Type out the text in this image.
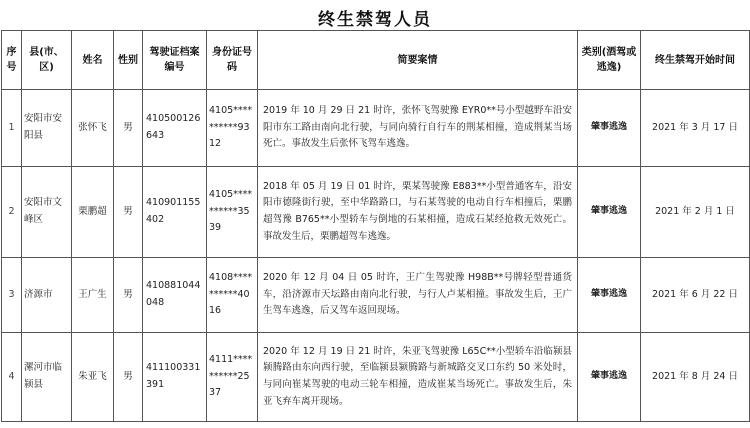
终生禁驾人员
序号	县(市、区)	姓名	性别	驾驶证档案编号	身份证号码	简要案情	类别(酒驾或逃逸)	终生禁驾开始时间
1	安阳市安阳县	张怀飞	男	410500126643	4105**********9312	2019 年 10 月 29 日 21 时许，张怀飞驾驶豫 EYR0**号小型越野车沿安阳市东工路由南向北行驶，与同向骑行自行车的荆某相撞，造成荆某当场死亡。事故发生后张怀飞驾车逃逸。	肇事逃逸	2021 年 3 月 17 日
2	安阳市文峰区	栗鹏超	男	410901155402	4105**********3539	2018 年 05 月 19 日 01 时许，栗某驾驶豫 E883**小型普通客车，沿安阳市德隆街行驶，至中华路路口，与石某驾驶的电动自行车相撞后，栗鹏超驾豫 B765**小型轿车与倒地的石某相撞，造成石某经抢救无效死亡。事故发生后，栗鹏超驾车逃逸。	肇事逃逸	2021 年 2 月 1 日
3	济源市	王广生	男	410881044048	4108**********4016	2020 年 12 月 04 日 05 时许，王广生驾驶豫 H98B**号牌轻型普通货车，沿济源市天坛路由南向北行驶，与行人卢某相撞。事故发生后，王广生驾车逃逸，后又驾车返回现场。	肇事逃逸	2021 年 6 月 22 日
4	漯河市临颍县	朱亚飞	男	411100331391	4111**********2537	2020 年 12 月 19 日 21 时许，朱亚飞驾驶豫 L65C**小型轿车沿临颍县颍腾路由东向西行驶，至临颍县颍腾路与新城路交叉口东约 50 米处时，与同向崔某驾驶的电动三轮车相撞，造成崔某当场死亡。事故发生后，朱亚飞弃车离开现场。	肇事逃逸	2021 年 8 月 24 日
